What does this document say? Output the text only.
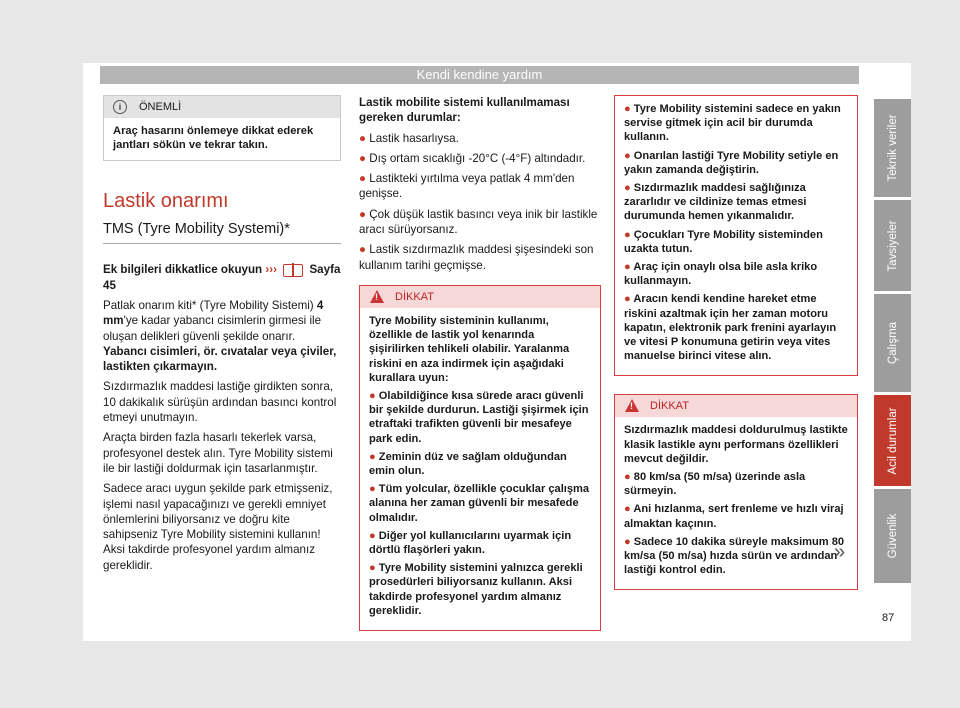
Kendi kendine yardım
i	ÖNEMLİ
Araç hasarını önlemeye dikkat ederek jantları sökün ve tekrar takın.
Lastik onarımı
TMS (Tyre Mobility Systemi)*

Ek bilgileri dikkatlice okuyun ›››	Sayfa 45

Patlak onarım kiti* (Tyre Mobility Sistemi) 4 mm'ye kadar yabancı cisimlerin girmesi ile oluşan delikleri güvenli şekilde onarır. Yabancı cisimleri, ör. cıvatalar veya çiviler, lastikten çıkarmayın.

Sızdırmazlık maddesi lastiğe girdikten sonra, 10 dakikalık sürüşün ardından basıncı kontrol etmeyi unutmayın.

Araçta birden fazla hasarlı tekerlek varsa, profesyonel destek alın. Tyre Mobility sistemi ile bir lastiği doldurmak için tasarlanmıştır.

Sadece aracı uygun şekilde park etmişseniz, işlemi nasıl yapacağınızı ve gerekli emniyet önlemlerini biliyorsanız ve doğru kite sahipseniz Tyre Mobility sistemini kullanın! Aksi takdirde profesyonel yardım almanız gereklidir.

Lastik mobilite sistemi kullanılmaması gereken durumlar:

● Lastik hasarlıysa.

● Dış ortam sıcaklığı -20°C (-4°F) altındadır.

● Lastikteki yırtılma veya patlak 4 mm'den genişse.

● Çok düşük lastik basıncı veya inik bir lastikle aracı sürüyorsanız.

● Lastik sızdırmazlık maddesi şişesindeki son kullanım tarihi geçmişse.

!
DİKKAT

Tyre Mobility sisteminin kullanımı, özellikle de lastik yol kenarında şişirilirken tehlikeli olabilir. Yaralanma riskini en aza indirmek için aşağıdaki kurallara uyun:

● Olabildiğince kısa sürede aracı güvenli bir şekilde durdurun. Lastiği şişirmek için etraftaki trafikten güvenli bir mesafeye park edin.

● Zeminin düz ve sağlam olduğundan emin olun.

● Tüm yolcular, özellikle çocuklar çalışma alanına her zaman güvenli bir mesafede olmalıdır.

● Diğer yol kullanıcılarını uyarmak için dörtlü flaşörleri yakın.

● Tyre Mobility sistemini yalnızca gerekli prosedürleri biliyorsanız kullanın. Aksi takdirde profesyonel yardım almanız gereklidir.

● Tyre Mobility sistemini sadece en yakın servise gitmek için acil bir durumda kullanın.

● Onarılan lastiği Tyre Mobility setiyle en yakın zamanda değiştirin.

● Sızdırmazlık maddesi sağlığınıza zararlıdır ve cildinize temas etmesi durumunda hemen yıkanmalıdır.

● Çocukları Tyre Mobility sisteminden uzakta tutun.

● Araç için onaylı olsa bile asla kriko kullanmayın.

● Aracın kendi kendine hareket etme riskini azaltmak için her zaman motoru kapatın, elektronik park frenini ayarlayın ve vitesi P konumuna getirin veya vites manuelse birinci vitese alın.

!
DİKKAT

Sızdırmazlık maddesi doldurulmuş lastikte klasik lastikle aynı performans özellikleri mevcut değildir.

● 80 km/sa (50 m/sa) üzerinde asla sürmeyin.

● Ani hızlanma, sert frenleme ve hızlı viraj almaktan kaçının.

● Sadece 10 dakika süreyle maksimum 80 km/sa (50 m/sa) hızda sürün ve ardından lastiği kontrol edin.

»
Teknik veriler
Tavsiyeler
Çalışma
Acil durumlar
Güvenlik
87
